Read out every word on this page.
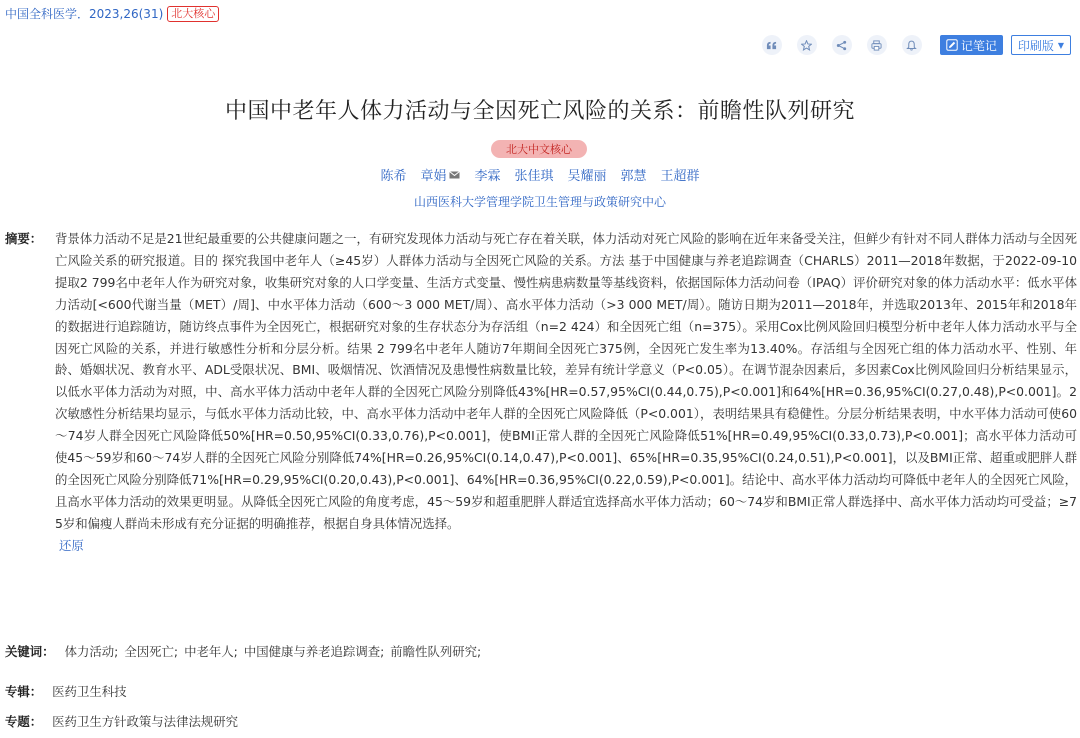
中国全科医学．2023,26(31) 北大核心
记笔记 印刷版 ▼
中国中老年人体力活动与全因死亡风险的关系：前瞻性队列研究
北大中文核心
陈希 章娟 李霖 张佳琪 吴耀丽 郭慧 王超群
山西医科大学管理学院卫生管理与政策研究中心
摘要： 背景体力活动不足是21世纪最重要的公共健康问题之一，有研究发现体力活动与死亡存在着关联，体力活动对死亡风险的影响在近年来备受关注，但鲜少有针对不同人群体力活动与全因死亡风险关系的研究报道。目的 探究我国中老年人（≥45岁）人群体力活动与全因死亡风险的关系。方法 基于中国健康与养老追踪调查（CHARLS）2011—2018年数据，于2022-09-10提取2 799名中老年人作为研究对象，收集研究对象的人口学变量、生活方式变量、慢性病患病数量等基线资料，依据国际体力活动问卷（IPAQ）评价研究对象的体力活动水平：低水平体力活动[<600代谢当量（MET）/周]、中水平体力活动（600～3 000 MET/周）、高水平体力活动（>3 000 MET/周）。随访日期为2011—2018年，并选取2013年、2015年和2018年的数据进行追踪随访，随访终点事件为全因死亡，根据研究对象的生存状态分为存活组（n=2 424）和全因死亡组（n=375）。采用Cox比例风险回归模型分析中老年人体力活动水平与全因死亡风险的关系，并进行敏感性分析和分层分析。结果 2 799名中老年人随访7年期间全因死亡375例，全因死亡发生率为13.40%。存活组与全因死亡组的体力活动水平、性别、年龄、婚姻状况、教育水平、ADL受限状况、BMI、吸烟情况、饮酒情况及患慢性病数量比较，差异有统计学意义（P<0.05）。在调节混杂因素后，多因素Cox比例风险回归分析结果显示，以低水平体力活动为对照，中、高水平体力活动中老年人群的全因死亡风险分别降低43%[HR=0.57,95%CI(0.44,0.75),P<0.001]和64%[HR=0.36,95%CI(0.27,0.48),P<0.001]。2次敏感性分析结果均显示，与低水平体力活动比较，中、高水平体力活动中老年人群的全因死亡风险降低（P<0.001），表明结果具有稳健性。分层分析结果表明，中水平体力活动可使60～74岁人群全因死亡风险降低50%[HR=0.50,95%CI(0.33,0.76),P<0.001]，使BMI正常人群的全因死亡风险降低51%[HR=0.49,95%CI(0.33,0.73),P<0.001]；高水平体力活动可使45～59岁和60～74岁人群的全因死亡风险分别降低74%[HR=0.26,95%CI(0.14,0.47),P<0.001]、65%[HR=0.35,95%CI(0.24,0.51),P<0.001]，以及BMI正常、超重或肥胖人群的全因死亡风险分别降低71%[HR=0.29,95%CI(0.20,0.43),P<0.001]、64%[HR=0.36,95%CI(0.22,0.59),P<0.001]。结论中、高水平体力活动均可降低中老年人的全因死亡风险，且高水平体力活动的效果更明显。从降低全因死亡风险的角度考虑，45～59岁和超重肥胖人群适宜选择高水平体力活动；60～74岁和BMI正常人群选择中、高水平体力活动均可受益；≥75岁和偏瘦人群尚未形成有充分证据的明确推荐，根据自身具体情况选择。
还原
关键词： 体力活动; 全因死亡; 中老年人; 中国健康与养老追踪调查; 前瞻性队列研究;
专辑： 医药卫生科技
专题： 医药卫生方针政策与法律法规研究
